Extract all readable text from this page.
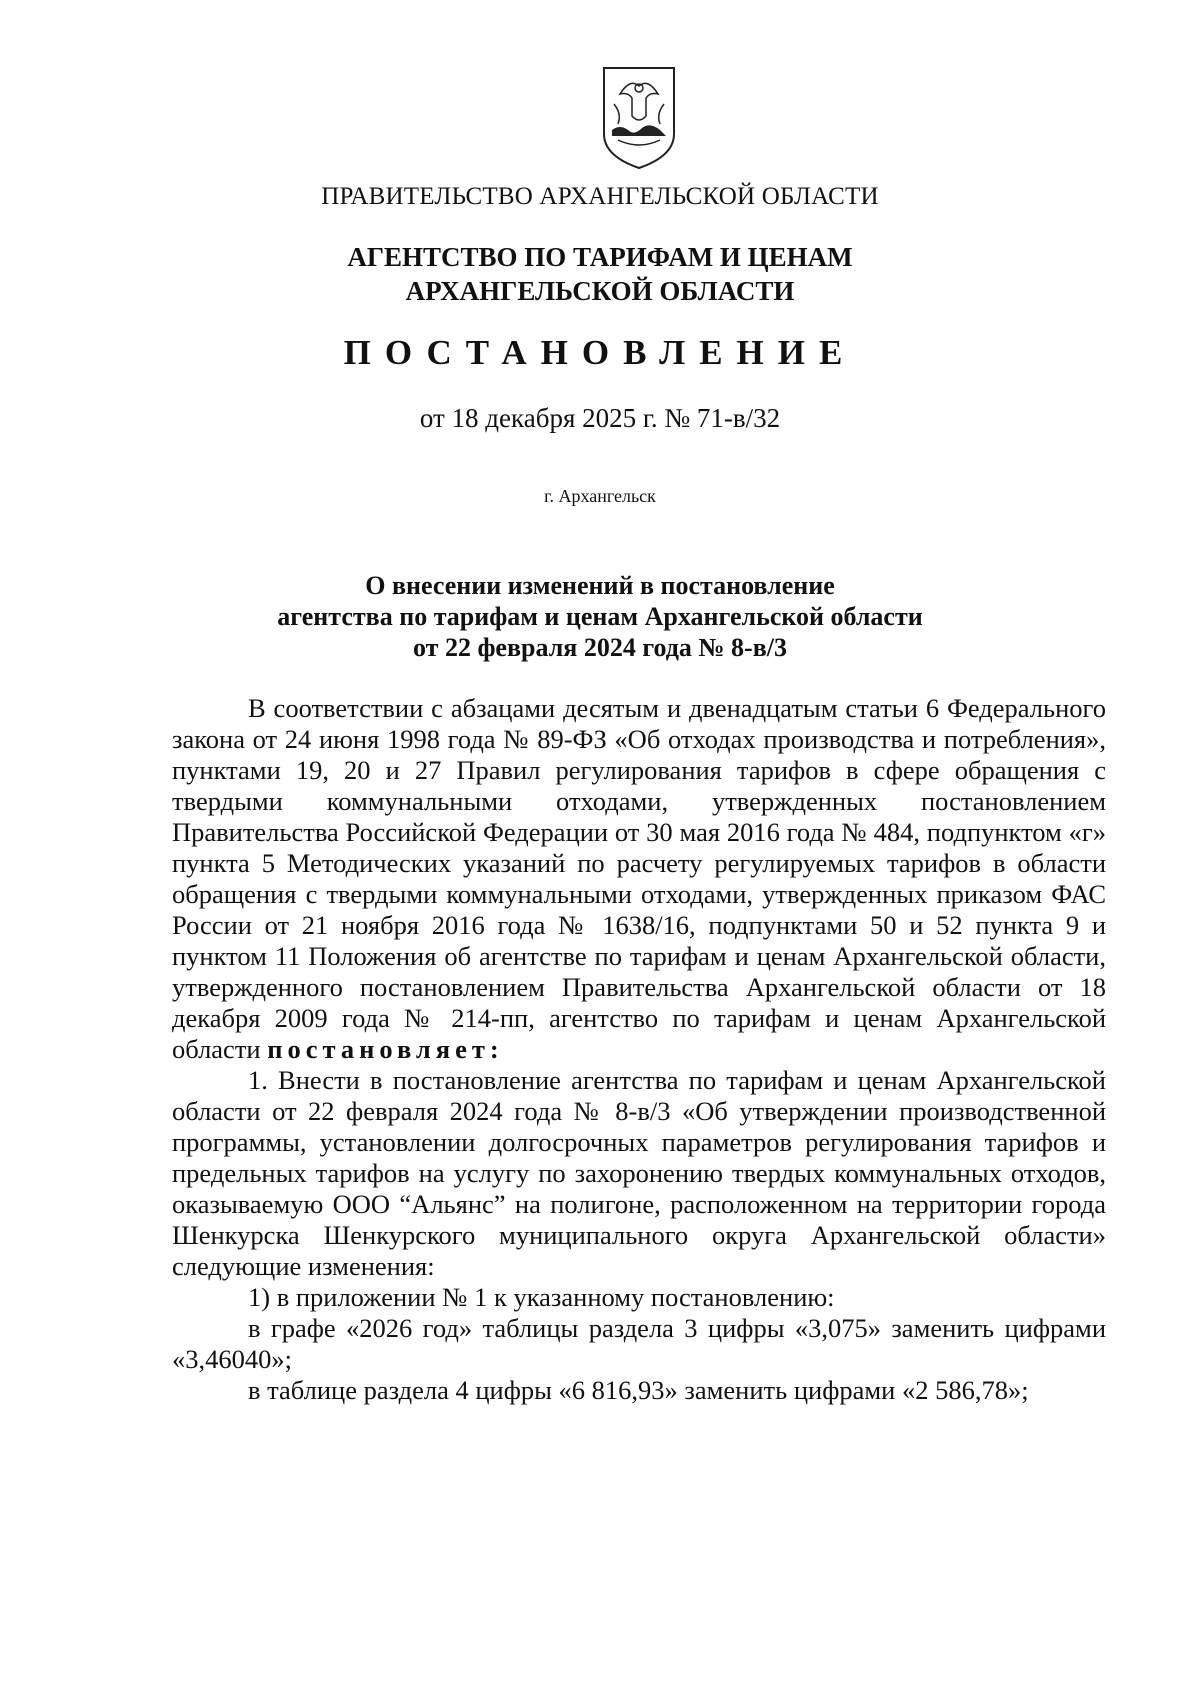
ПРАВИТЕЛЬСТВО АРХАНГЕЛЬСКОЙ ОБЛАСТИ
АГЕНТСТВО ПО ТАРИФАМ И ЦЕНАМ
АРХАНГЕЛЬСКОЙ ОБЛАСТИ
ПОСТАНОВЛЕНИЕ
от 18 декабря 2025 г. № 71-в/32
г. Архангельск
О внесении изменений в постановление
агентства по тарифам и ценам Архангельской области
от 22 февраля 2024 года № 8-в/3

В соответствии с абзацами десятым и двенадцатым статьи 6 Федерального закона от 24 июня 1998 года № 89-ФЗ «Об отходах производства и потребления», пунктами 19, 20 и 27 Правил регулирования тарифов в сфере обращения с твердыми коммунальными отходами, утвержденных постановлением Правительства Российской Федерации от 30 мая 2016 года № 484, подпунктом «г» пункта 5 Методических указаний по расчету регулируемых тарифов в области обращения с твердыми коммунальными отходами, утвержденных приказом ФАС России от 21 ноября 2016 года № 1638/16, подпунктами 50 и 52 пункта 9 и пунктом 11 Положения об агентстве по тарифам и ценам Архангельской области, утвержденного постановлением Правительства Архангельской области от 18 декабря 2009 года № 214-пп, агентство по тарифам и ценам Архангельской области постановляет:

1. Внести в постановление агентства по тарифам и ценам Архангельской области от 22 февраля 2024 года № 8-в/3 «Об утверждении производственной программы, установлении долгосрочных параметров регулирования тарифов и предельных тарифов на услугу по захоронению твердых коммунальных отходов, оказываемую ООО “Альянс” на полигоне, расположенном на территории города Шенкурска Шенкурского муниципального округа Архангельской области» следующие изменения:

1) в приложении № 1 к указанному постановлению:

в графе «2026 год» таблицы раздела 3 цифры «3,075» заменить цифрами «3,46040»;

в таблице раздела 4 цифры «6 816,93» заменить цифрами «2 586,78»;
